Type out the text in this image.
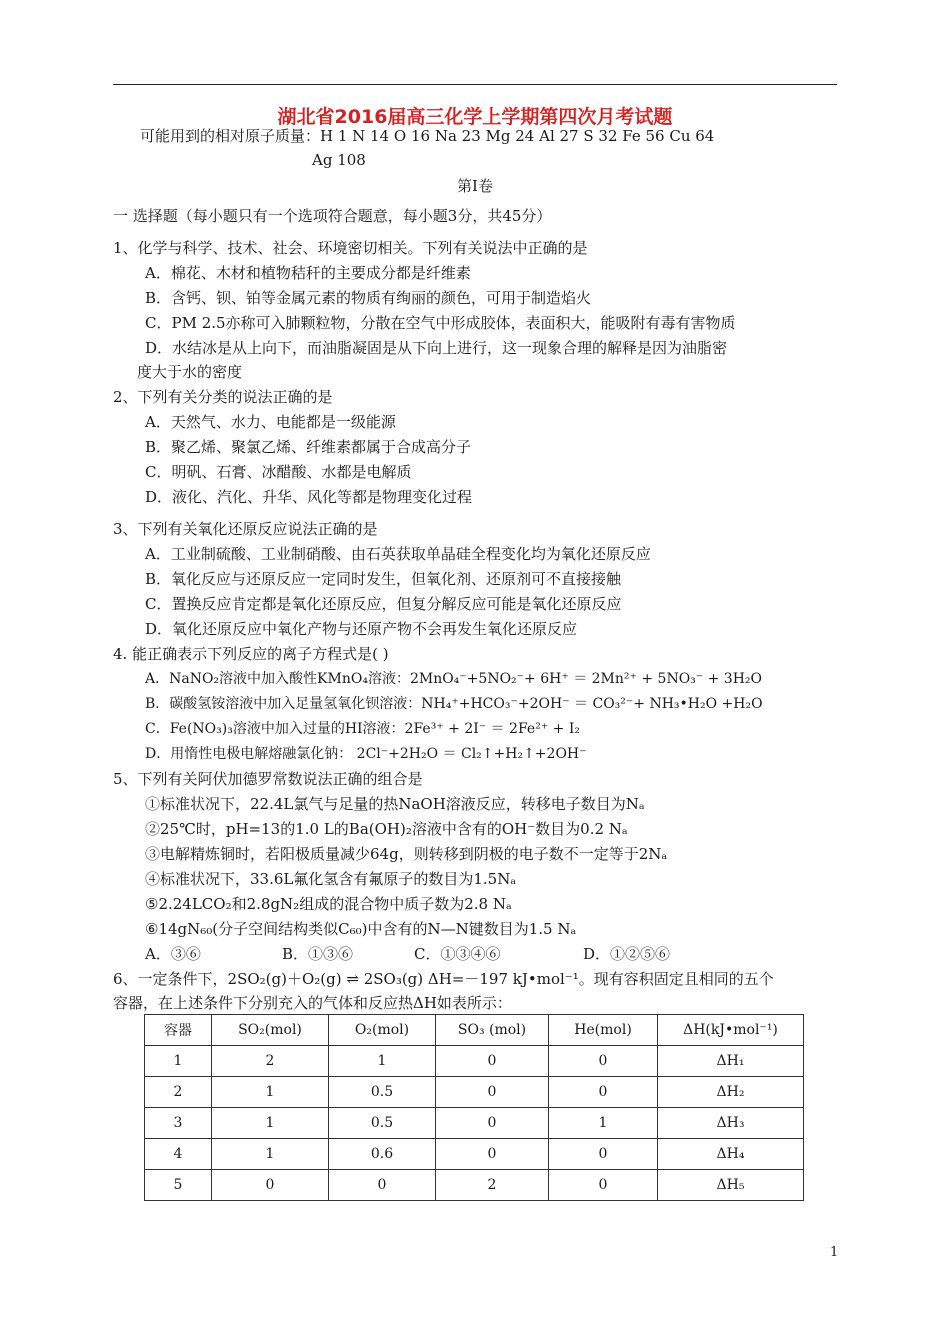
湖北省2016届高三化学上学期第四次月考试题
可能用到的相对原子质量：H 1 N 14 O 16 Na 23 Mg 24 Al 27 S 32 Fe 56 Cu 64
Ag 108
第Ⅰ卷
一 选择题（每小题只有一个选项符合题意，每小题3分，共45分）
1、化学与科学、技术、社会、环境密切相关。下列有关说法中正确的是
A．棉花、木材和植物秸秆的主要成分都是纤维素
B．含钙、钡、铂等金属元素的物质有绚丽的颜色，可用于制造焰火
C．PM 2.5亦称可入肺颗粒物，分散在空气中形成胶体，表面积大，能吸附有毒有害物质
D．水结冰是从上向下，而油脂凝固是从下向上进行，这一现象合理的解释是因为油脂密
度大于水的密度
2、下列有关分类的说法正确的是
A．天然气、水力、电能都是一级能源
B．聚乙烯、聚氯乙烯、纤维素都属于合成高分子
C．明矾、石膏、冰醋酸、水都是电解质
D．液化、汽化、升华、风化等都是物理变化过程
3、下列有关氧化还原反应说法正确的是
A．工业制硫酸、工业制硝酸、由石英获取单晶硅全程变化均为氧化还原反应
B．氧化反应与还原反应一定同时发生，但氧化剂、还原剂可不直接接触
C．置换反应肯定都是氧化还原反应，但复分解反应可能是氧化还原反应
D．氧化还原反应中氧化产物与还原产物不会再发生氧化还原反应
4. 能正确表示下列反应的离子方程式是( )
A．NaNO₂溶液中加入酸性KMnO₄溶液：2MnO₄⁻+5NO₂⁻+ 6H⁺ ＝ 2Mn²⁺ + 5NO₃⁻ + 3H₂O
B．碳酸氢铵溶液中加入足量氢氧化钡溶液：NH₄⁺+HCO₃⁻+2OH⁻ ＝ CO₃²⁻+ NH₃•H₂O +H₂O
C．Fe(NO₃)₃溶液中加入过量的HI溶液：2Fe³⁺ + 2I⁻ ＝ 2Fe²⁺ + I₂
D．用惰性电极电解熔融氯化钠： 2Cl⁻+2H₂O ＝ Cl₂↑+H₂↑+2OH⁻
5、下列有关阿伏加德罗常数说法正确的组合是
①标准状况下，22.4L氯气与足量的热NaOH溶液反应，转移电子数目为Nₐ
②25℃时，pH=13的1.0 L的Ba(OH)₂溶液中含有的OH⁻数目为0.2 Nₐ
③电解精炼铜时，若阳极质量减少64g，则转移到阴极的电子数不一定等于2Nₐ
④标准状况下，33.6L氟化氢含有氟原子的数目为1.5Nₐ
⑤2.24LCO₂和2.8gN₂组成的混合物中质子数为2.8 Nₐ
⑥14gN₆₀(分子空间结构类似C₆₀)中含有的N—N键数目为1.5 Nₐ
A．③⑥	B．①③⑥	C．①③④⑥	D．①②⑤⑥
6、一定条件下，2SO₂(g)＋O₂(g) ⇌ 2SO₃(g) ΔH=－197 kJ•mol⁻¹。现有容积固定且相同的五个
容器，在上述条件下分别充入的气体和反应热ΔH如表所示：
容器	SO₂(mol)	O₂(mol)	SO₃ (mol)	He(mol)	ΔH(kJ•mol⁻¹)
1	2	1	0	0	ΔH₁
2	1	0.5	0	0	ΔH₂
3	1	0.5	0	1	ΔH₃
4	1	0.6	0	0	ΔH₄
5	0	0	2	0	ΔH₅
1
